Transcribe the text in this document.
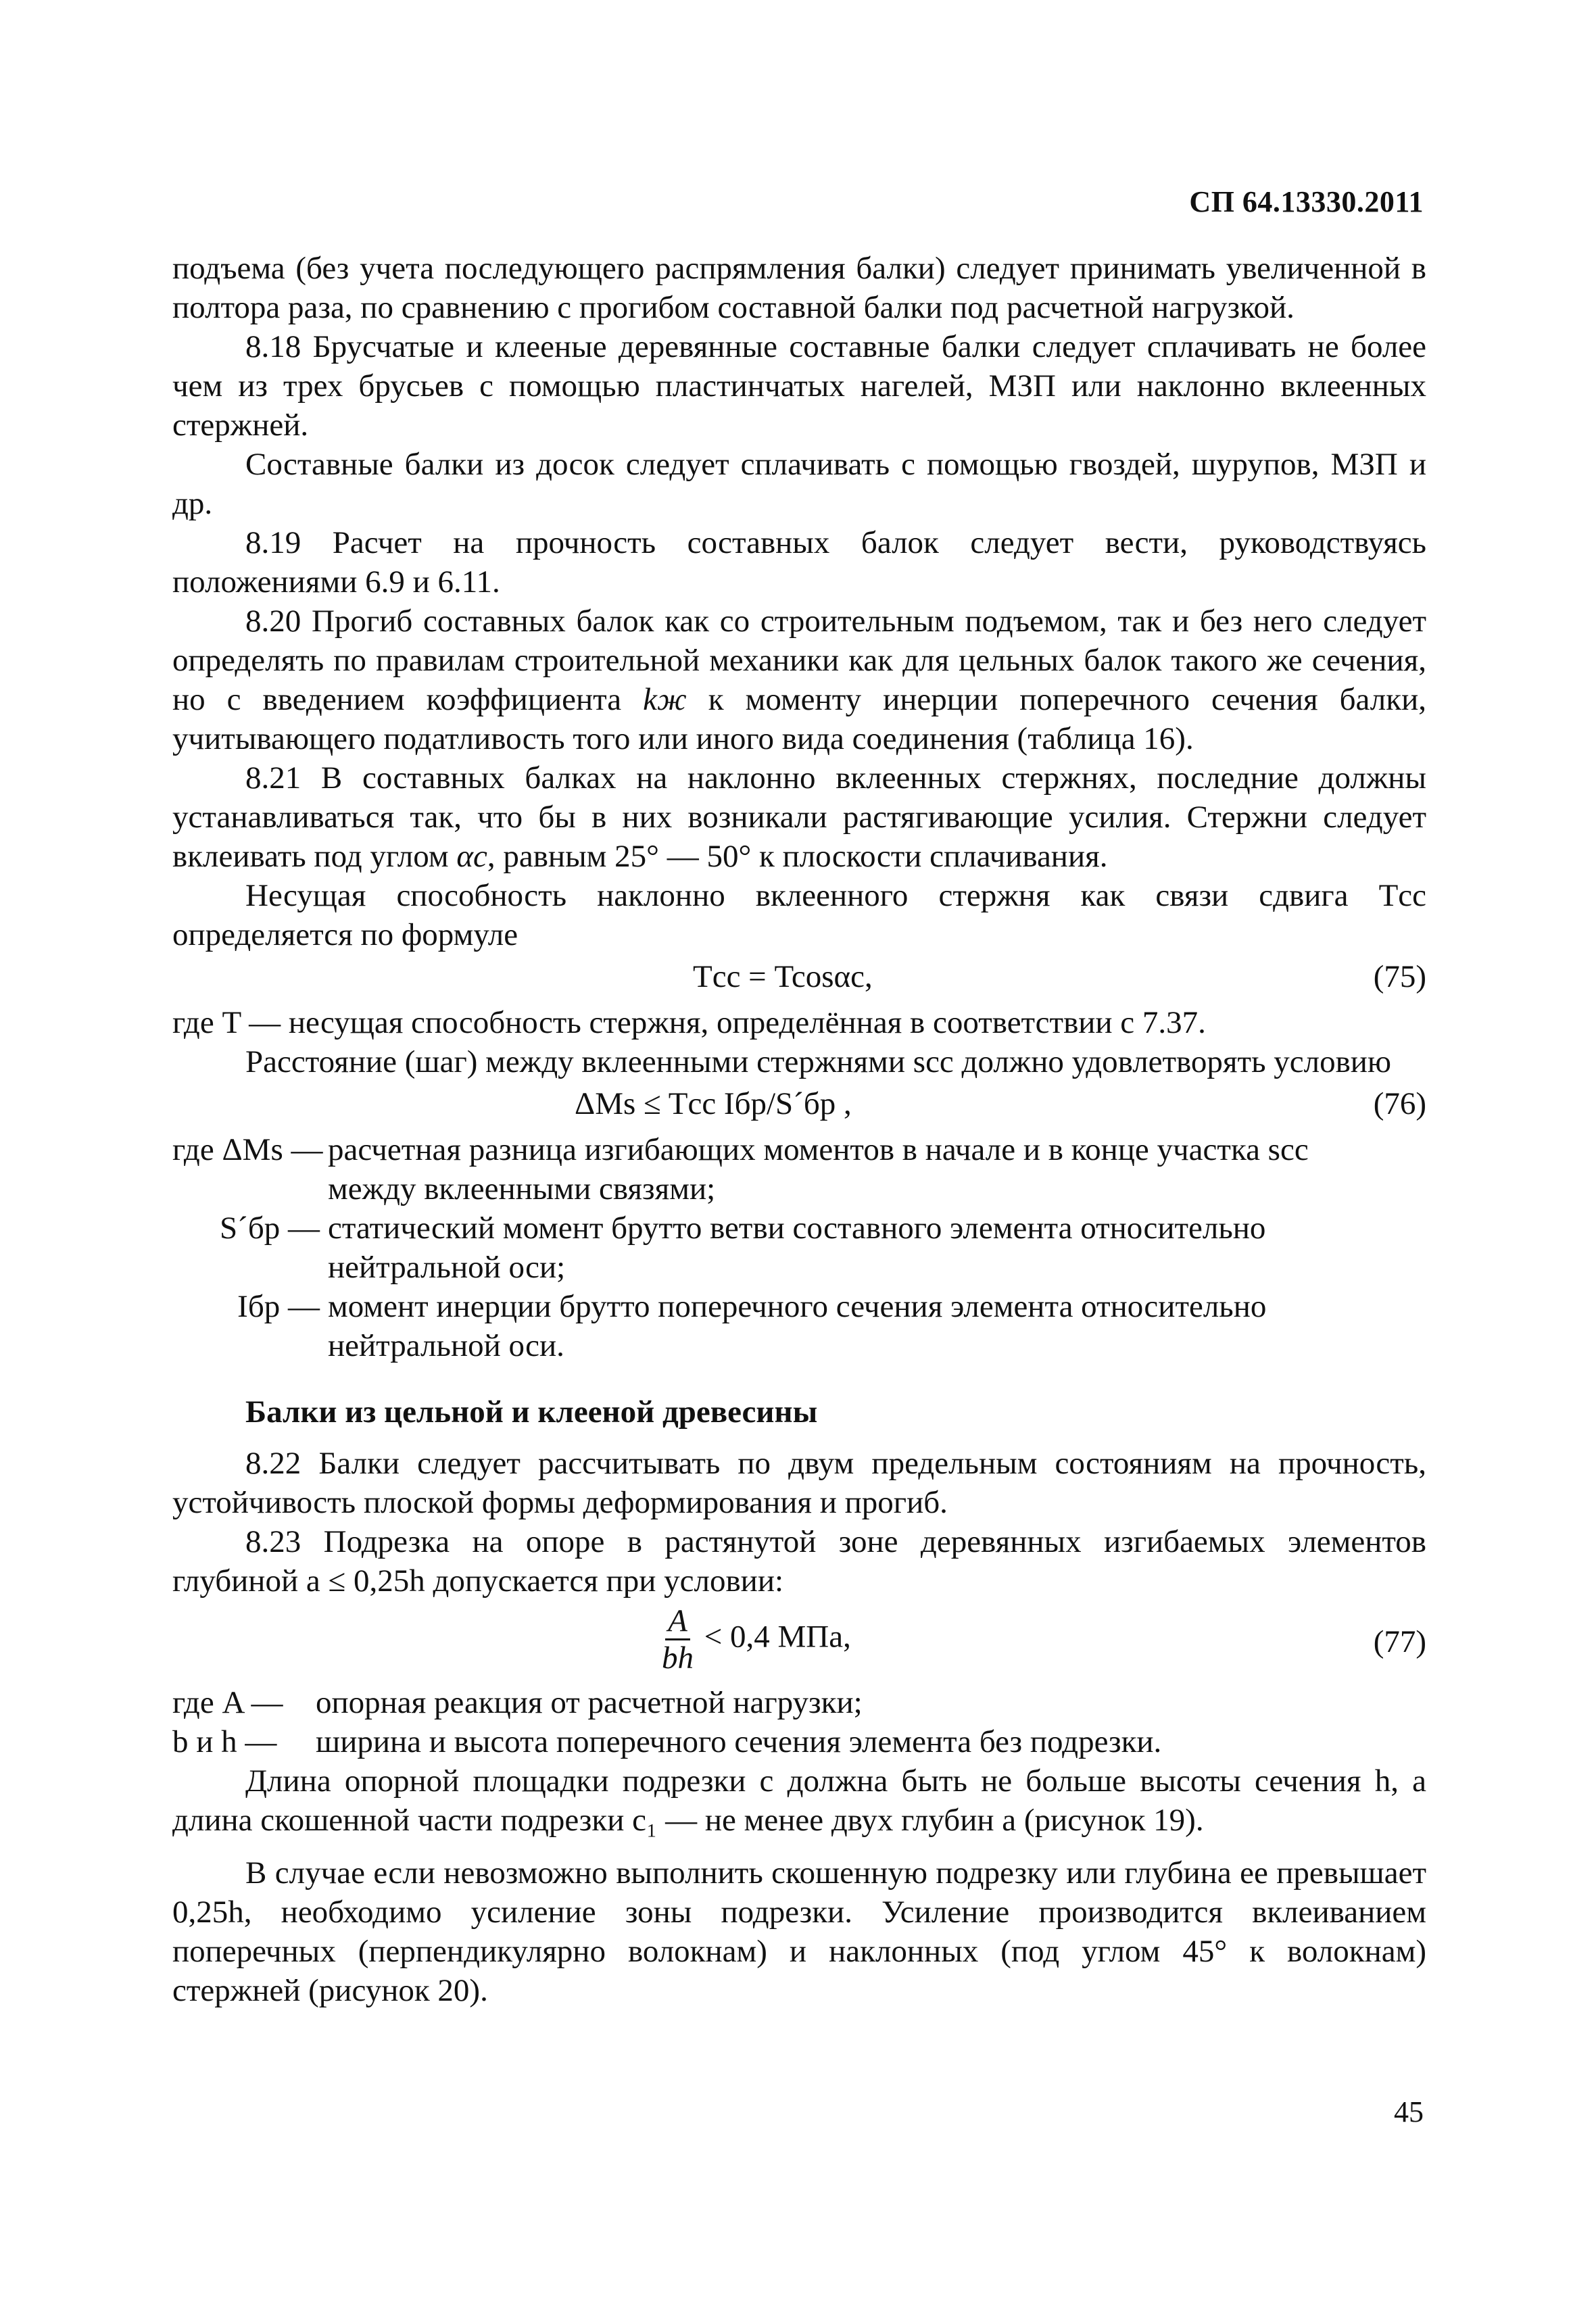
СП 64.13330.2011

подъема (без учета последующего распрямления балки) следует принимать увеличенной в полтора раза, по сравнению с прогибом составной балки под расчетной нагрузкой.

8.18 Брусчатые и клееные деревянные составные балки следует сплачивать не более чем из трех брусьев с помощью пластинчатых нагелей, МЗП или наклонно вклеенных стержней.

Составные балки из досок следует сплачивать с помощью гвоздей, шурупов, МЗП и др.

8.19 Расчет на прочность составных балок следует вести, руководствуясь положениями 6.9 и 6.11.

8.20 Прогиб составных балок как со строительным подъемом, так и без него следует определять по правилам строительной механики как для цельных балок такого же сечения, но с введением коэффициента kж к моменту инерции поперечного сечения балки, учитывающего податливость того или иного вида соединения (таблица 16).

8.21 В составных балках на наклонно вклеенных стержнях, последние должны устанавливаться так, что бы в них возникали растягивающие усилия. Стержни следует вклеивать под углом αc, равным 25° — 50° к плоскости сплачивания.

Несущая способность наклонно вклеенного стержня как связи сдвига Tсс определяется по формуле

Tсс = Tcosαc,	(75)

где T — несущая способность стержня, определённая в соответствии с 7.37.

Расстояние (шаг) между вклеенными стержнями sсс должно удовлетворять условию

ΔMs ≤ Tсс Iбр/S´бр ,	(76)
где ΔMs — расчетная разница изгибающих моментов в начале и в конце участка sсс между вклеенными связями;
S´бр — статический момент брутто ветви составного элемента относительно нейтральной оси;
Iбр — момент инерции брутто поперечного сечения элемента относительно нейтральной оси.
Балки из цельной и клееной древесины

8.22 Балки следует рассчитывать по двум предельным состояниям на прочность, устойчивость плоской формы деформирования и прогиб.

8.23 Подрезка на опоре в растянутой зоне деревянных изгибаемых элементов глубиной a ≤ 0,25h допускается при условии:

$\frac{A}{bh} < 0,4$ МПа,	(77)
где A —	опорная реакция от расчетной нагрузки;
b и h —	ширина и высота поперечного сечения элемента без подрезки.

Длина опорной площадки подрезки c должна быть не больше высоты сечения h, а длина скошенной части подрезки c₁ — не менее двух глубин a (рисунок 19).

В случае если невозможно выполнить скошенную подрезку или глубина ее превышает 0,25h, необходимо усиление зоны подрезки. Усиление производится вклеиванием поперечных (перпендикулярно волокнам) и наклонных (под углом 45° к волокнам) стержней (рисунок 20).

45
